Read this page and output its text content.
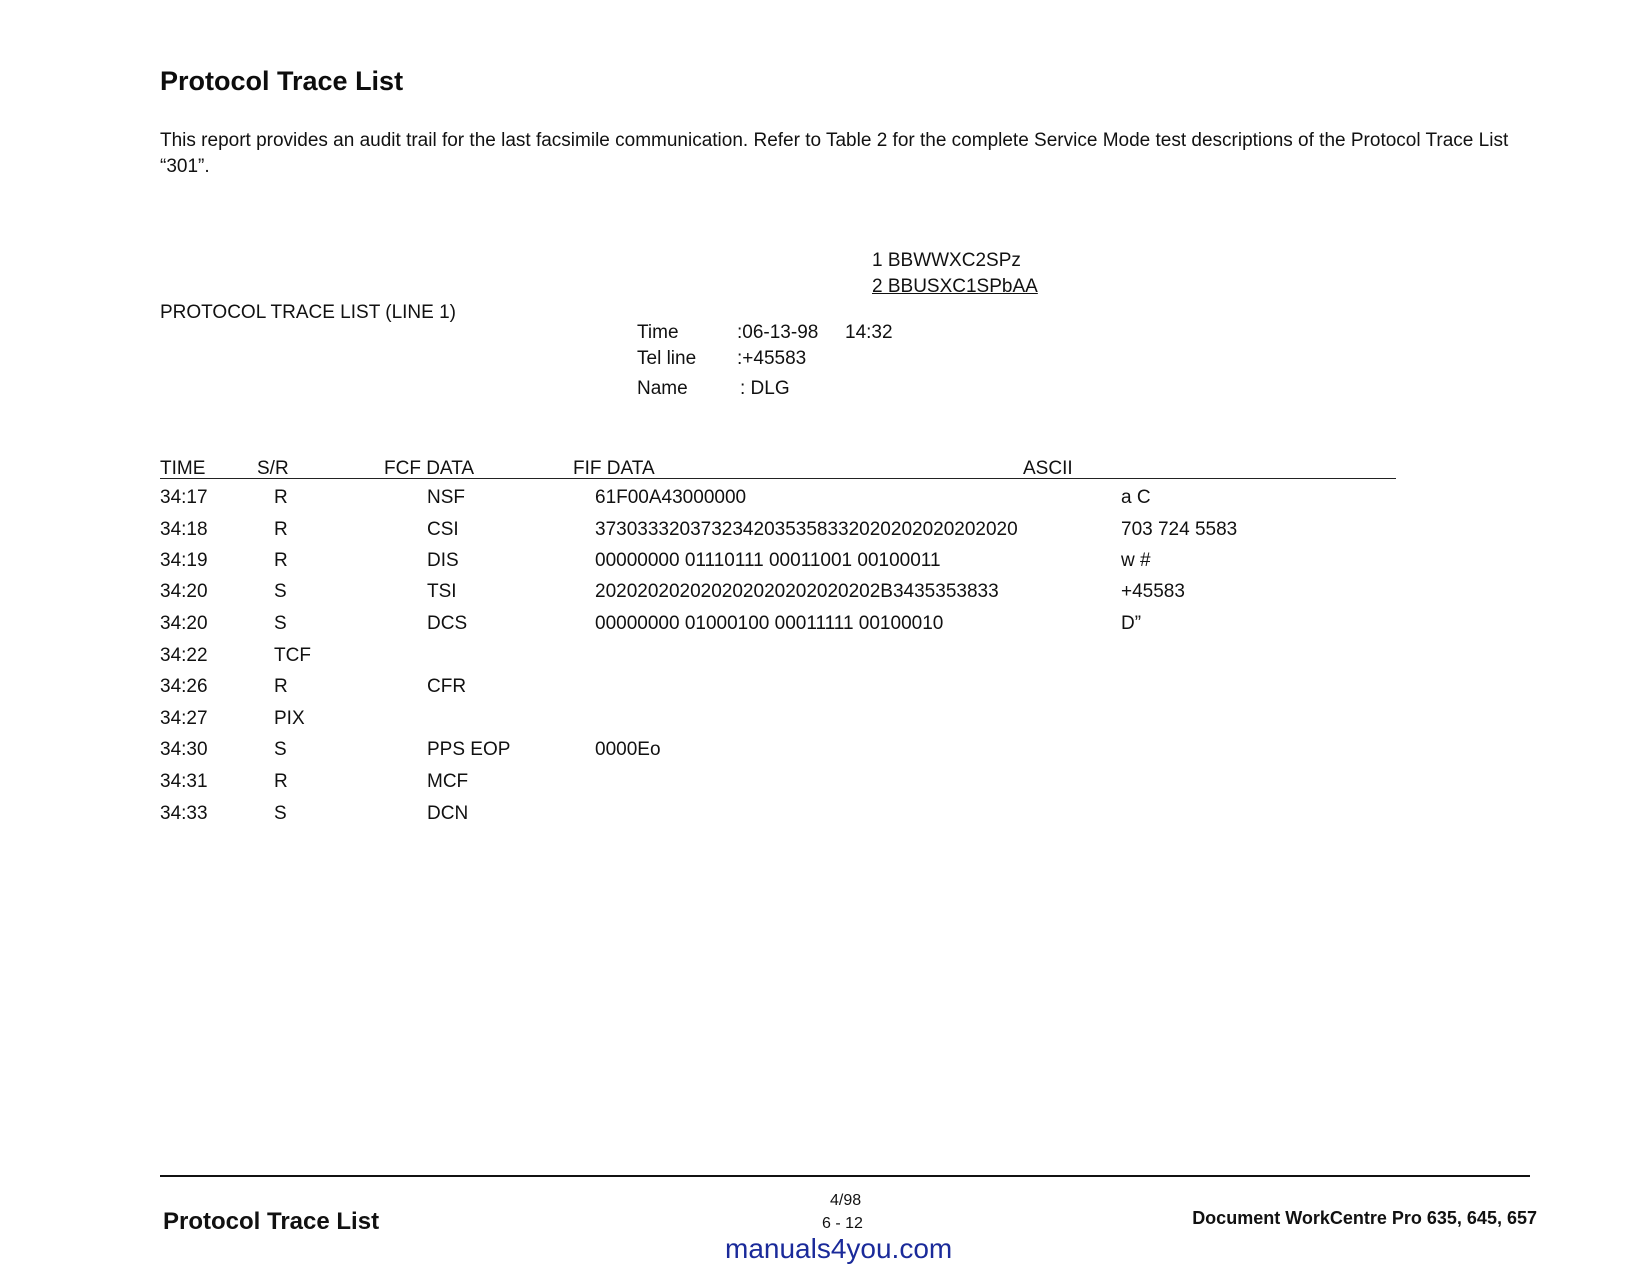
Protocol Trace List
This report provides an audit trail for the last facsimile communication. Refer to Table 2 for the complete Service Mode test descriptions of the Protocol Trace List “301”.
1 BBWWXC2SPz
2 BBUSXC1SPbAA
PROTOCOL TRACE LIST (LINE 1)
Time	:06-13-98 14:32
Tel line :+45583
Name	: DLG
TIME	S/R	FCF DATA	FIF DATA	ASCII
34:17	R	NSF	61F00A43000000	a C
34:18	R	CSI	3730333203732342035358332020202020202020	703 724 5583
34:19	R	DIS	00000000 01110111 00011001 00100011	w #
34:20	S	TSI	202020202020202020202020202B3435353833	+45583
34:20	S	DCS	00000000 01000100 00011111 00100010	D”
34:22	TCF
34:26	R	CFR
34:27	PIX
34:30	S	PPS EOP	0000Eo
34:31	R	MCF
34:33	S	DCN
Protocol Trace List
4/98
6 - 12	Document WorkCentre Pro 635, 645, 657
manuals4you.com
